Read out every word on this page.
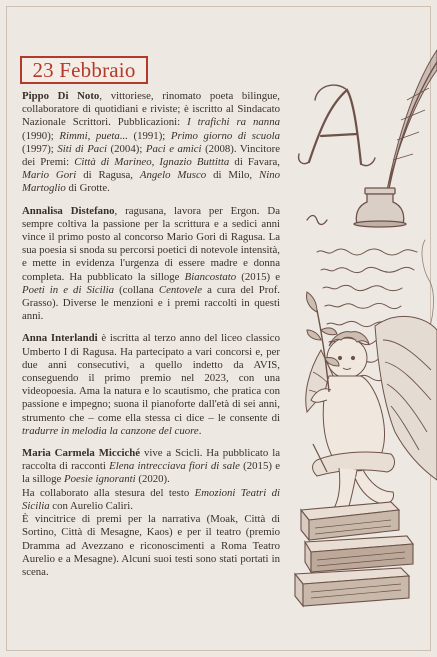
23 Febbraio

Pippo Di Noto, vittoriese, rinomato poeta bilingue, collaboratore di quotidiani e riviste; è iscritto al Sindacato Nazionale Scrittori. Pubblicazioni: I trafichi ra nanna (1990); Rimmi, pueta... (1991); Primo giorno di scuola (1997); Siti di Paci (2004); Paci e amici (2008). Vincitore dei Premi: Città di Marineo, Ignazio Buttitta di Favara, Mario Gori di Ragusa, Angelo Musco di Milo, Nino Martoglio di Grotte.

Annalisa Distefano, ragusana, lavora per Ergon. Da sempre coltiva la passione per la scrittura e a sedici anni vince il primo posto al concorso Mario Gori di Ragusa. La sua poesia si snoda su percorsi poetici di notevole intensità, e mette in evidenza l'urgenza di essere madre e donna completa. Ha pubblicato la silloge Biancostato (2015) e Poeti in e di Sicilia (collana Centovele a cura del Prof. Grasso). Diverse le menzioni e i premi raccolti in questi anni.

Anna Interlandi è iscritta al terzo anno del liceo classico Umberto I di Ragusa. Ha partecipato a vari concorsi e, per due anni consecutivi, a quello indetto da AVIS, conseguendo il primo premio nel 2023, con una videopoesia. Ama la natura e lo scautismo, che pratica con passione e impegno; suona il pianoforte dall'età di sei anni, strumento che – come ella stessa ci dice – le consente di tradurre in melodia la canzone del cuore.

Maria Carmela Micciché vive a Scicli. Ha pubblicato la raccolta di racconti Elena intrecciava fiori di sale (2015) e la silloge Poesie ignoranti (2020).
Ha collaborato alla stesura del testo Emozioni Teatri di Sicilia con Aurelio Caliri.
È vincitrice di premi per la narrativa (Moak, Città di Sortino, Città di Mesagne, Kaos) e per il teatro (premio Dramma ad Avezzano e riconoscimenti a Roma Teatro Aurelio e a Mesagne). Alcuni suoi testi sono stati portati in scena.
